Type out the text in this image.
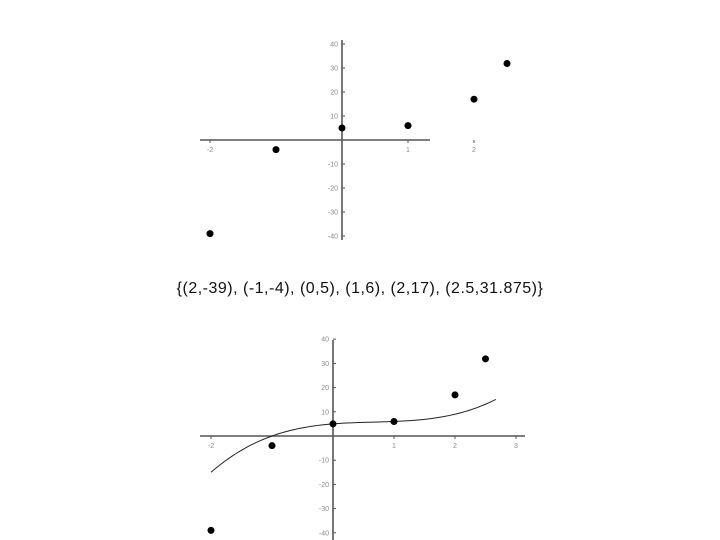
-2	1	2
40
30
20
10
-10
-20
-30
-40
{(2,-39), (-1,-4), (0,5), (1,6), (2,17), (2.5,31.875)}
-2	1	2	3
40
30
20
10
-10
-20
-30
-40
